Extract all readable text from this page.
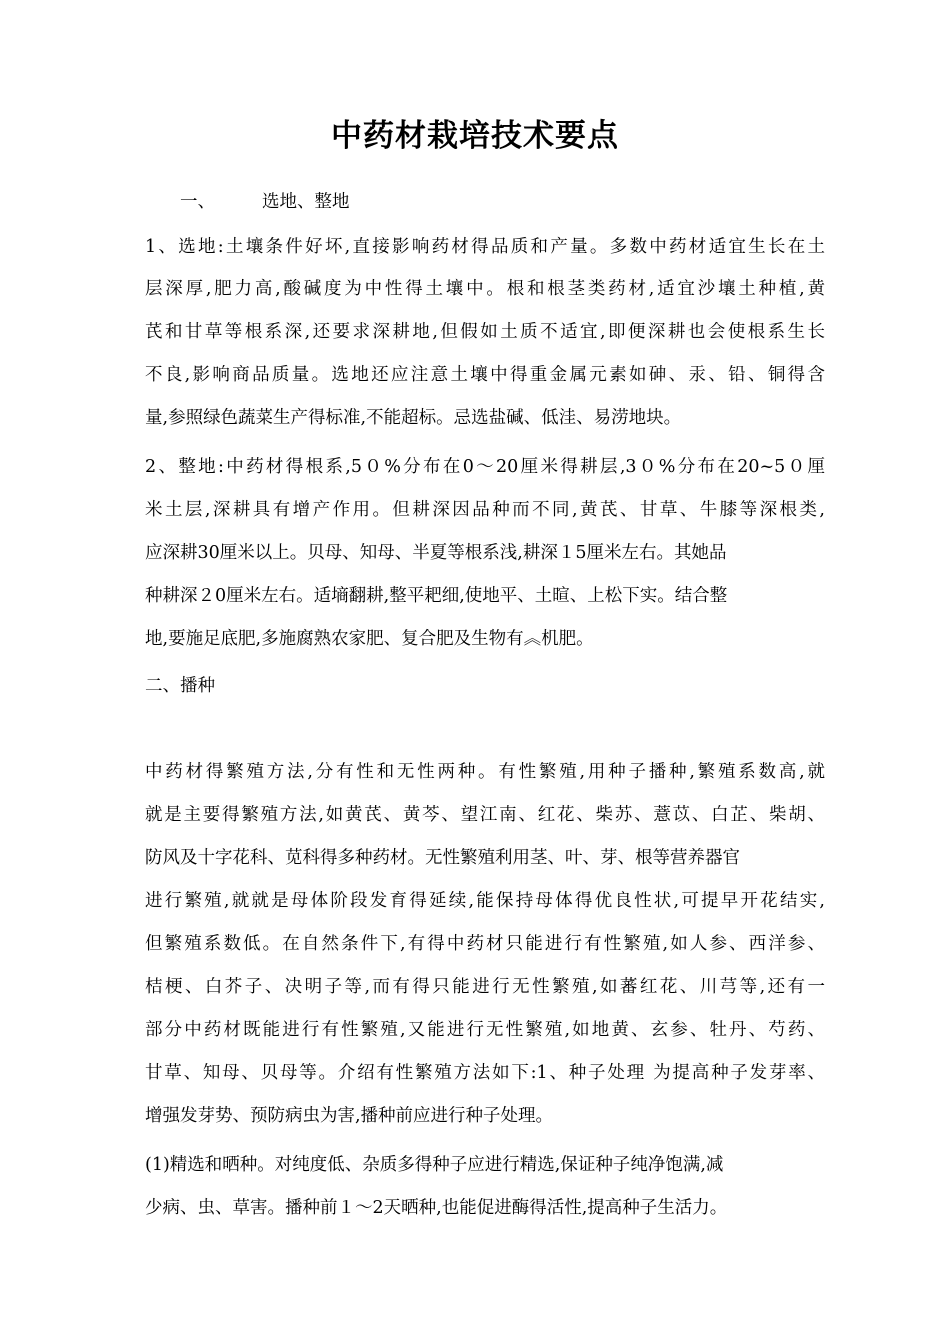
中药材栽培技术要点
一、	选地、整地
1、选地:土壤条件好坏,直接影响药材得品质和产量。多数中药材适宜生长在土
层深厚,肥力高,酸碱度为中性得土壤中。根和根茎类药材,适宜沙壤土种植,黄
芪和甘草等根系深,还要求深耕地,但假如土质不适宜,即便深耕也会使根系生长
不良,影响商品质量。选地还应注意土壤中得重金属元素如砷、汞、铅、铜得含
量,参照绿色蔬菜生产得标准,不能超标。忌选盐碱、低洼、易涝地块。
2、整地:中药材得根系,5０%分布在0～20厘米得耕层,3０%分布在20~5０厘
米土层,深耕具有增产作用。但耕深因品种而不同,黄芪、甘草、牛膝等深根类,
应深耕30厘米以上。贝母、知母、半夏等根系浅,耕深１5厘米左右。其她品
种耕深２0厘米左右。适墒翻耕,整平耙细,使地平、土暄、上松下实。结合整
地,要施足底肥,多施腐熟农家肥、复合肥及生物有︽机肥。
二、播种
中药材得繁殖方法,分有性和无性两种。有性繁殖,用种子播种,繁殖系数高,就
就是主要得繁殖方法,如黄芪、黄芩、望江南、红花、柴苏、薏苡、白芷、柴胡、
防风及十字花科、苋科得多种药材。无性繁殖利用茎、叶、芽、根等营养器官
进行繁殖,就就是母体阶段发育得延续,能保持母体得优良性状,可提早开花结实,
但繁殖系数低。在自然条件下,有得中药材只能进行有性繁殖,如人参、西洋参、
桔梗、白芥子、决明子等,而有得只能进行无性繁殖,如蕃红花、川芎等,还有一
部分中药材既能进行有性繁殖,又能进行无性繁殖,如地黄、玄参、牡丹、芍药、
甘草、知母、贝母等。介绍有性繁殖方法如下:1、种子处理 为提高种子发芽率、
增强发芽势、预防病虫为害,播种前应进行种子处理。
(1)精选和晒种。对纯度低、杂质多得种子应进行精选,保证种子纯净饱满,减
少病、虫、草害。播种前１～2天晒种,也能促进酶得活性,提高种子生活力。
